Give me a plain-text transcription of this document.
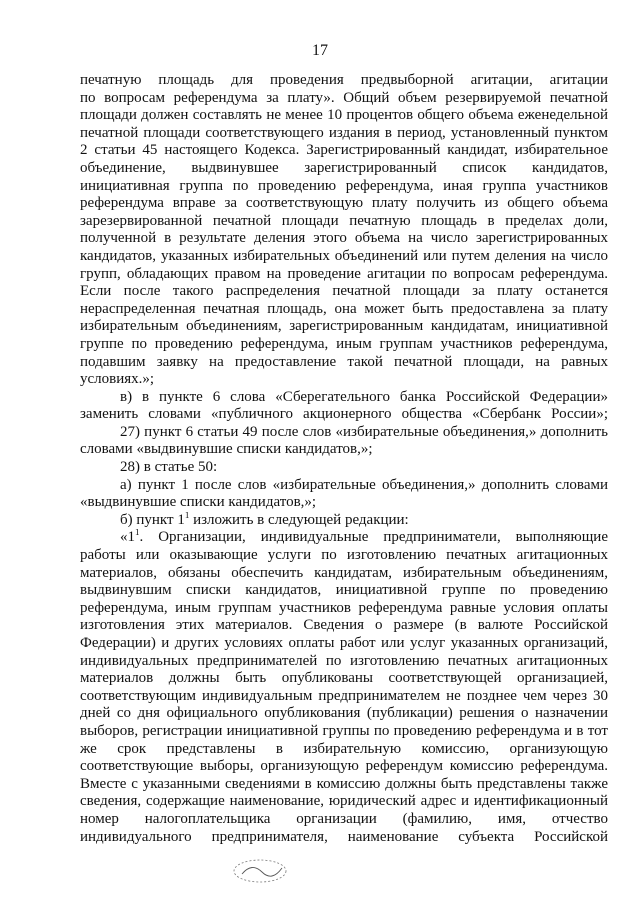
17
печатную площадь для проведения предвыборной агитации, агитации
по вопросам референдума за плату». Общий объем резервируемой печатной
площади должен составлять не менее 10 процентов общего объема еженедельной
печатной площади соответствующего издания в период, установленный пунктом
2 статьи 45 настоящего Кодекса. Зарегистрированный кандидат, избирательное
объединение, выдвинувшее зарегистрированный список кандидатов,
инициативная группа по проведению референдума, иная группа участников
референдума вправе за соответствующую плату получить из общего объема
зарезервированной печатной площади печатную площадь в пределах доли,
полученной в результате деления этого объема на число зарегистрированных
кандидатов, указанных избирательных объединений или путем деления на число
групп, обладающих правом на проведение агитации по вопросам референдума.
Если после такого распределения печатной площади за плату останется
нераспределенная печатная площадь, она может быть предоставлена за плату
избирательным объединениям, зарегистрированным кандидатам, инициативной
группе по проведению референдума, иным группам участников референдума,
подавшим заявку на предоставление такой печатной площади, на равных
условиях.»;
в) в пункте 6 слова «Сберегательного банка Российской Федерации»
заменить словами «публичного акционерного общества «Сбербанк России»;
27) пункт 6 статьи 49 после слов «избирательные объединения,» дополнить
словами «выдвинувшие списки кандидатов,»;
28) в статье 50:
а) пункт 1 после слов «избирательные объединения,» дополнить словами
«выдвинувшие списки кандидатов,»;
б) пункт $1^1$ изложить в следующей редакции:
«$1^1$. Организации, индивидуальные предприниматели, выполняющие
работы или оказывающие услуги по изготовлению печатных агитационных
материалов, обязаны обеспечить кандидатам, избирательным объединениям,
выдвинувшим списки кандидатов, инициативной группе по проведению
референдума, иным группам участников референдума равные условия оплаты
изготовления этих материалов. Сведения о размере (в валюте Российской
Федерации) и других условиях оплаты работ или услуг указанных организаций,
индивидуальных предпринимателей по изготовлению печатных агитационных
материалов должны быть опубликованы соответствующей организацией,
соответствующим индивидуальным предпринимателем не позднее чем через 30
дней со дня официального опубликования (публикации) решения о назначении
выборов, регистрации инициативной группы по проведению референдума и в тот
же срок представлены в избирательную комиссию, организующую
соответствующие выборы, организующую референдум комиссию референдума.
Вместе с указанными сведениями в комиссию должны быть представлены также
сведения, содержащие наименование, юридический адрес и идентификационный
номер налогоплательщика организации (фамилию, имя, отчество
индивидуального предпринимателя, наименование субъекта Российской
